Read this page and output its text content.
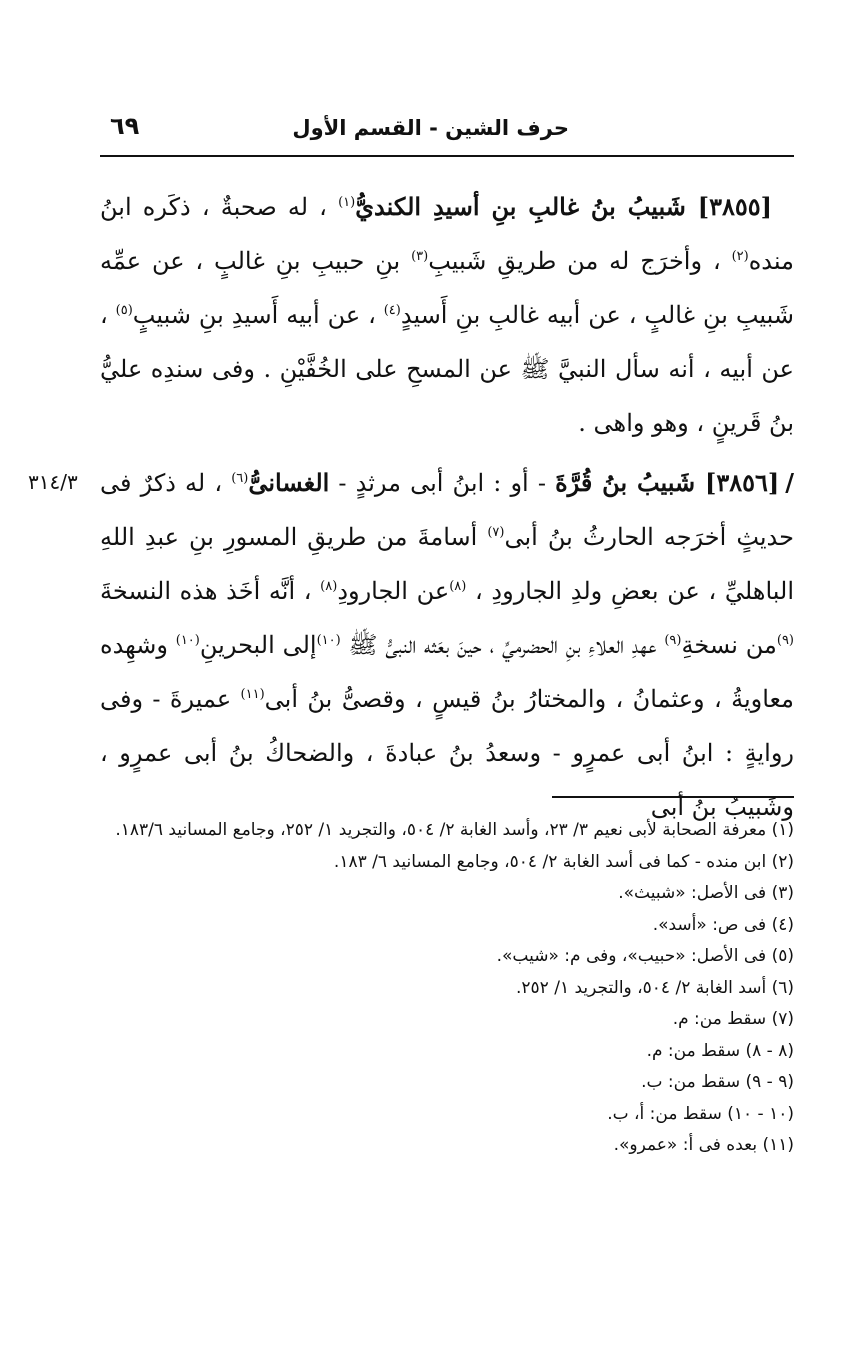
حرف الشين - القسم الأول
٦٩
٣١٤/٣

[٣٨٥٥] شَبيبُ بنُ غالبِ بنِ أسيدِ الكنديُّ$^{(١)}$ ، له صحبةٌ ، ذكَره ابنُ منده$^{(٢)}$ ، وأخرَج له من طريقِ شَبيبِ$^{(٣)}$ بنِ حبيبِ بنِ غالبٍ ، عن عمِّه شَبيبِ بنِ غالبٍ ، عن أبيه غالبِ بنِ أَسيدٍ$^{(٤)}$ ، عن أبيه أَسيدِ بنِ شبيبٍ$^{(٥)}$ ، عن أبيه ، أنه سأل النبيَّ ﷺ عن المسحِ على الخُفَّيْنِ . وفى سندِه عليُّ بنُ قَرينٍ ، وهو واهى .

/[٣٨٥٦] شَبيبُ بنُ قُرَّةَ - أو : ابنُ أبى مرثدٍ - الغسانىُّ$^{(٦)}$ ، له ذكرٌ فى حديثٍ أخرَجه الحارثُ بنُ أبى$^{(٧)}$ أسامةَ من طريقِ المسورِ بنِ عبدِ اللهِ الباهليِّ ، عن بعضِ ولدِ الجارودِ ، $^{(٨)}$عن الجارودِ$^{(٨)}$ ، أنَّه أخَذ هذه النسخةَ $^{(٩)}$من نسخةِ$^{(٩)}$ عهدِ العلاءِ بنِ الحضرميِّ ، حينَ بعَثه النبىُّ ﷺ $^{(١٠)}$إلى البحرينِ$^{(١٠)}$ وشهِده معاويةُ ، وعثمانُ ، والمختارُ بنُ قيسٍ ، وقصىُّ بنُ أبى$^{(١١)}$ عميرةَ - وفى روايةٍ : ابنُ أبى عمرٍو - وسعدُ بنُ عبادةَ ، والضحاكُ بنُ أبى عمرٍو ، وشَبيبُ بنُ أبى

(١) معرفة الصحابة لأبى نعيم ٣/ ٢٣، وأسد الغابة ٢/ ٥٠٤، والتجريد ١/ ٢٥٢، وجامع المسانيد ١٨٣/٦.

(٢) ابن منده - كما فى أسد الغابة ٢/ ٥٠٤، وجامع المسانيد ٦/ ١٨٣.

(٣) فى الأصل: «شبيث».

(٤) فى ص: «أسد».

(٥) فى الأصل: «حبيب»، وفى م: «شيب».

(٦) أسد الغابة ٢/ ٥٠٤، والتجريد ١/ ٢٥٢.

(٧) سقط من: م.

(٨ - ٨) سقط من: م.

(٩ - ٩) سقط من: ب.

(١٠ - ١٠) سقط من: أ، ب.

(١١) بعده فى أ: «عمرو».
